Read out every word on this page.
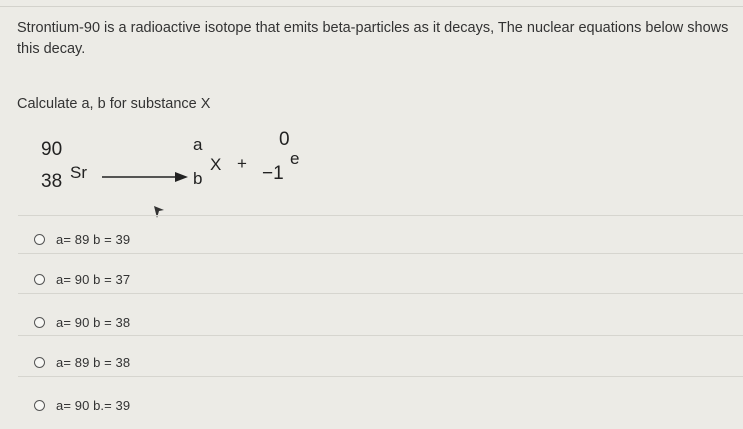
Strontium-90 is a radioactive isotope that emits beta-particles as it decays, The nuclear equations below shows this decay.
Calculate a, b for substance X
90
38 Sr
a
b
X +
0
−1
e
a= 89 b = 39
a= 90 b = 37
a= 90 b = 38
a= 89 b = 38
a= 90 b.= 39
